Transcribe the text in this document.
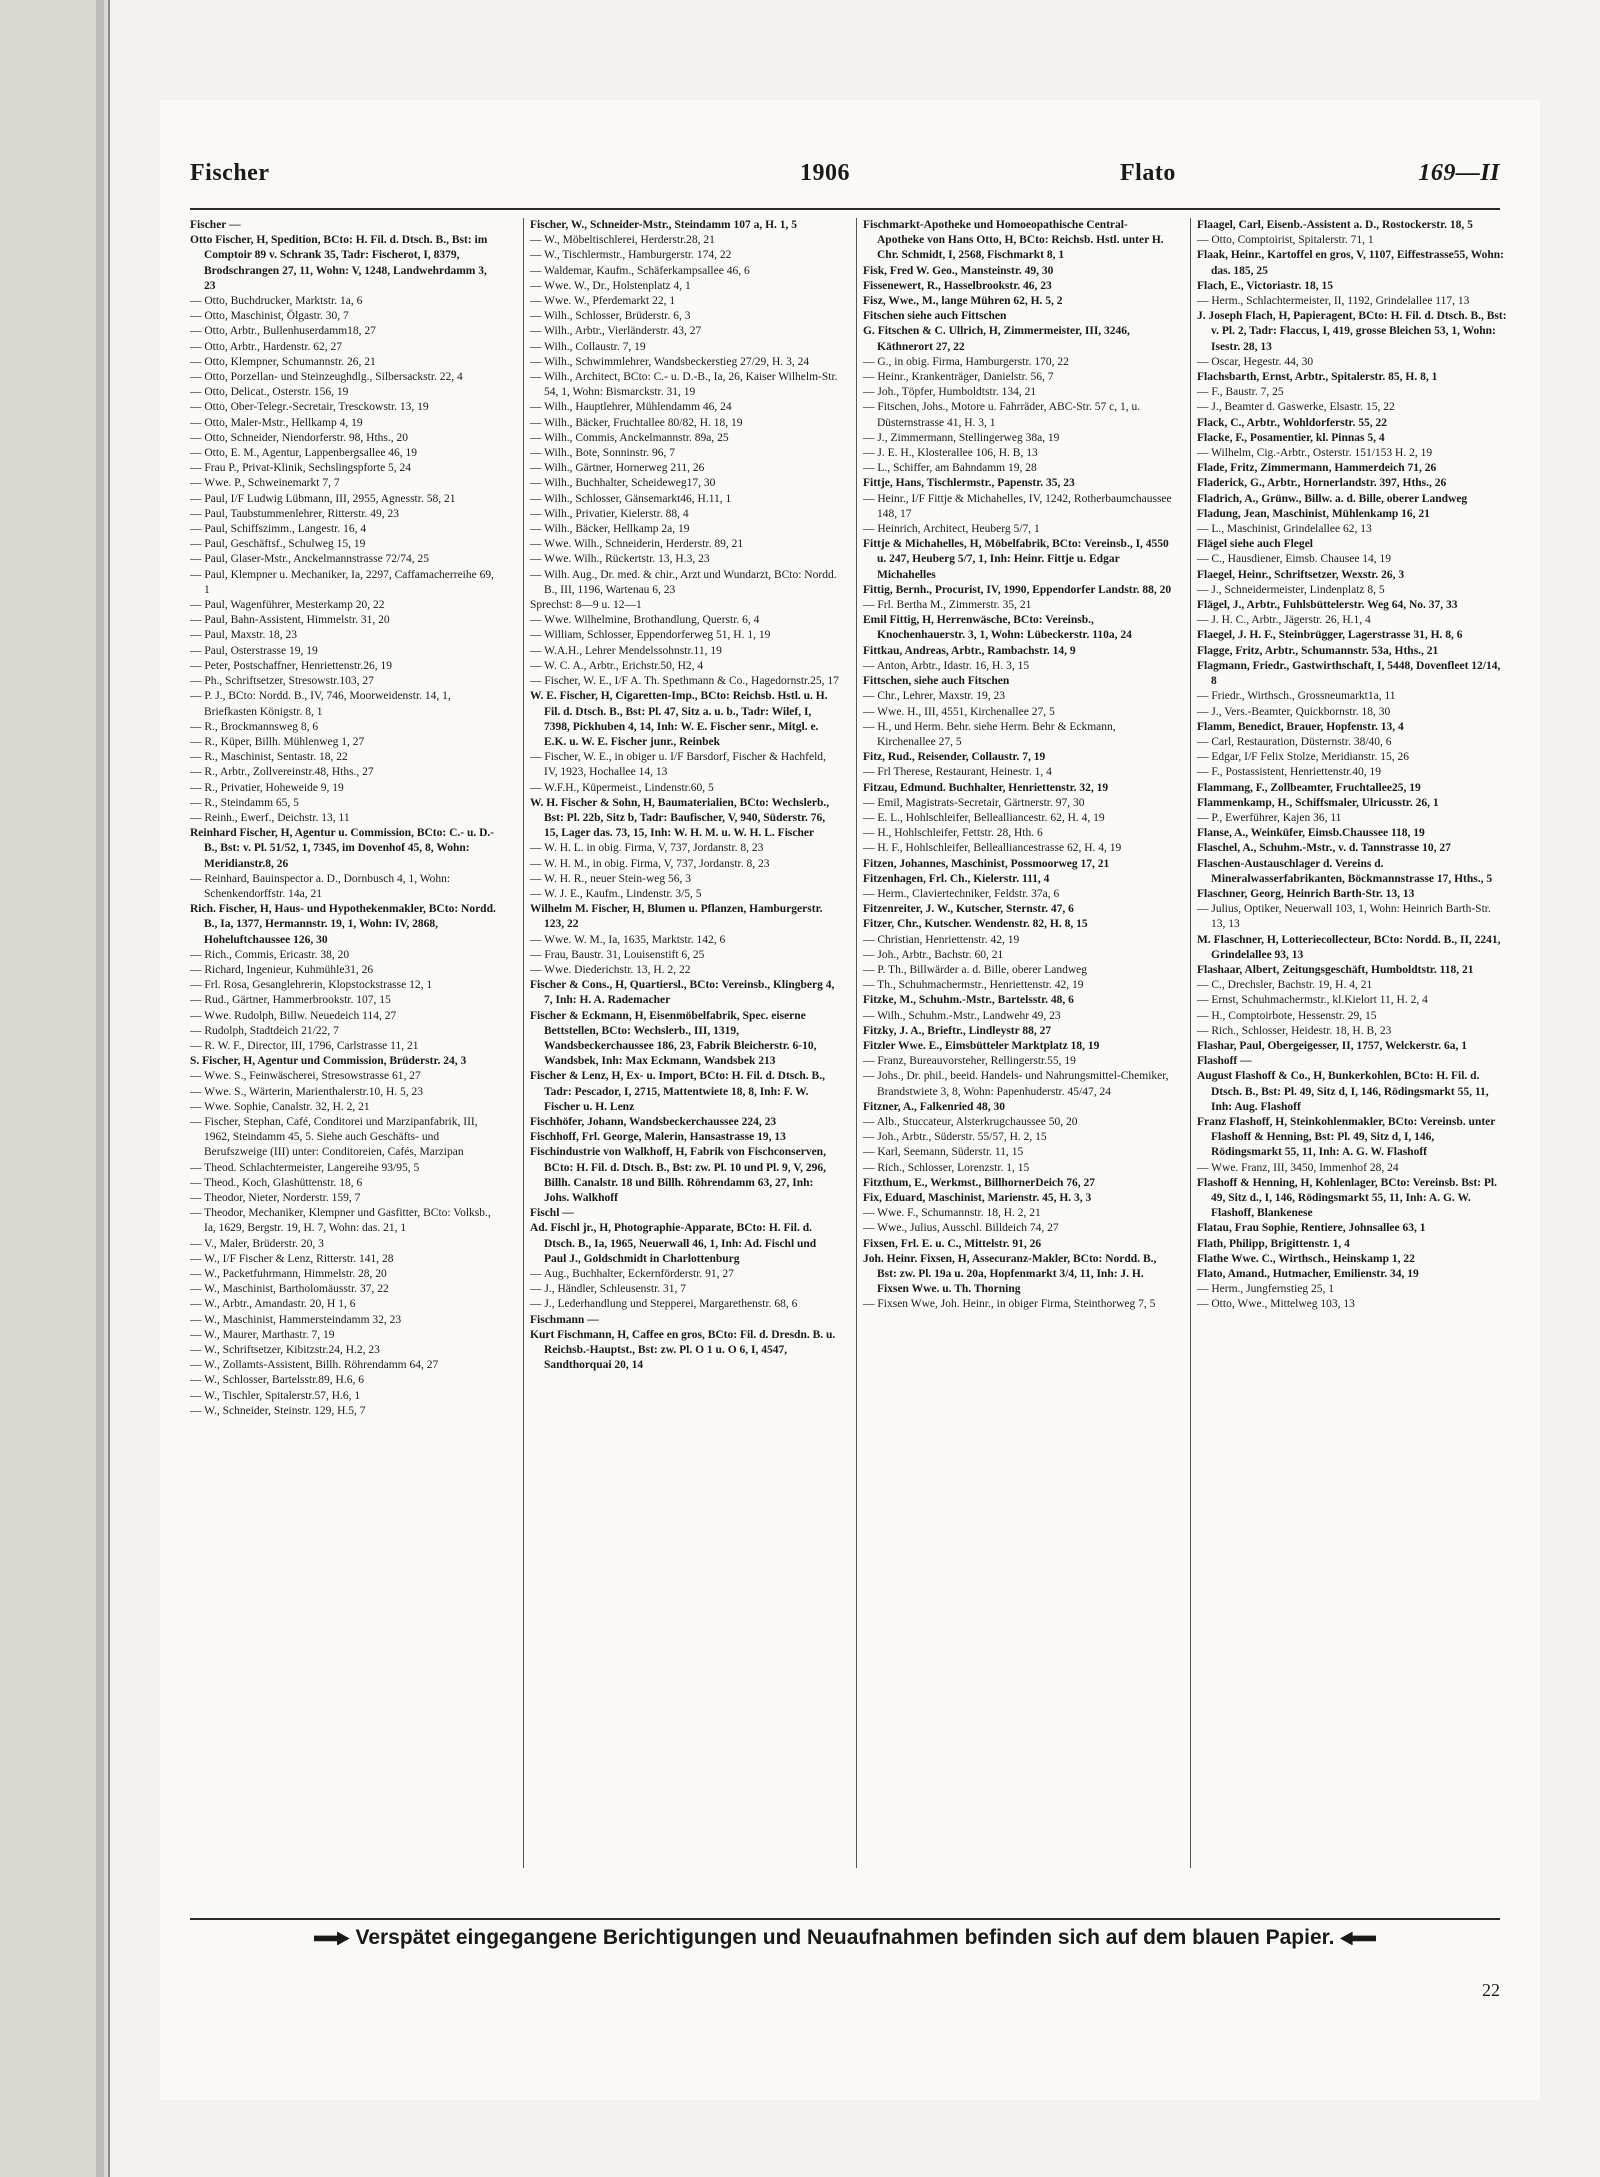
Fischer	1906	Flato	169—II

Fischer —

Otto Fischer, H, Spedition, BCto: H. Fil. d. Dtsch. B., Bst: im Comptoir 89 v. Schrank 35, Tadr: Fischerot, I, 8379, Brodschrangen 27, 11, Wohn: V, 1248, Landwehrdamm 3, 23

— Otto, Buchdrucker, Marktstr. 1a, 6

— Otto, Maschinist, Ölgastr. 30, 7

— Otto, Arbtr., Bullenhuserdamm18, 27

— Otto, Arbtr., Hardenstr. 62, 27

— Otto, Klempner, Schumannstr. 26, 21

— Otto, Porzellan- und Steinzeughdlg., Silbersackstr. 22, 4

— Otto, Delicat., Osterstr. 156, 19

— Otto, Ober-Telegr.-Secretair, Tresckowstr. 13, 19

— Otto, Maler-Mstr., Hellkamp 4, 19

— Otto, Schneider, Niendorferstr. 98, Hths., 20

— Otto, E. M., Agentur, Lappenbergsallee 46, 19

— Frau P., Privat-Klinik, Sechslingspforte 5, 24

— Wwe. P., Schweinemarkt 7, 7

— Paul, I/F Ludwig Lübmann, III, 2955, Agnesstr. 58, 21

— Paul, Taubstummenlehrer, Ritterstr. 49, 23

— Paul, Schiffszimm., Langestr. 16, 4

— Paul, Geschäftsf., Schulweg 15, 19

— Paul, Glaser-Mstr., Anckelmannstrasse 72/74, 25

— Paul, Klempner u. Mechaniker, Ia, 2297, Caffamacherreihe 69, 1

— Paul, Wagenführer, Mesterkamp 20, 22

— Paul, Bahn-Assistent, Himmelstr. 31, 20

— Paul, Maxstr. 18, 23

— Paul, Osterstrasse 19, 19

— Peter, Postschaffner, Henriettenstr.26, 19

— Ph., Schriftsetzer, Stresowstr.103, 27

— P. J., BCto: Nordd. B., IV, 746, Moorweidenstr. 14, 1, Briefkasten Königstr. 8, 1

— R., Brockmannsweg 8, 6

— R., Küper, Billh. Mühlenweg 1, 27

— R., Maschinist, Sentastr. 18, 22

— R., Arbtr., Zollvereinstr.48, Hths., 27

— R., Privatier, Hoheweide 9, 19

— R., Steindamm 65, 5

— Reinh., Ewerf., Deichstr. 13, 11

Reinhard Fischer, H, Agentur u. Commission, BCto: C.- u. D.-B., Bst: v. Pl. 51/52, 1, 7345, im Dovenhof 45, 8, Wohn: Meridianstr.8, 26

— Reinhard, Bauinspector a. D., Dornbusch 4, 1, Wohn: Schenkendorffstr. 14a, 21

Rich. Fischer, H, Haus- und Hypothekenmakler, BCto: Nordd. B., Ia, 1377, Hermannstr. 19, 1, Wohn: IV, 2868, Hoheluftchaussee 126, 30

— Rich., Commis, Ericastr. 38, 20

— Richard, Ingenieur, Kuhmühle31, 26

— Frl. Rosa, Gesanglehrerin, Klopstockstrasse 12, 1

— Rud., Gärtner, Hammerbrookstr. 107, 15

— Wwe. Rudolph, Billw. Neuedeich 114, 27

— Rudolph, Stadtdeich 21/22, 7

— R. W. F., Director, III, 1796, Carlstrasse 11, 21

S. Fischer, H, Agentur und Commission, Brüderstr. 24, 3

— Wwe. S., Feinwäscherei, Stresowstrasse 61, 27

— Wwe. S., Wärterin, Marienthalerstr.10, H. 5, 23

— Wwe. Sophie, Canalstr. 32, H. 2, 21

— Fischer, Stephan, Café, Conditorei und Marzipanfabrik, III, 1962, Steindamm 45, 5. Siehe auch Geschäfts- und Berufszweige (III) unter: Conditoreien, Cafés, Marzipan

— Theod. Schlachtermeister, Langereihe 93/95, 5

— Theod., Koch, Glashüttenstr. 18, 6

— Theodor, Nieter, Norderstr. 159, 7

— Theodor, Mechaniker, Klempner und Gasfitter, BCto: Volksb., Ia, 1629, Bergstr. 19, H. 7, Wohn: das. 21, 1

— V., Maler, Brüderstr. 20, 3

— W., I/F Fischer & Lenz, Ritterstr. 141, 28

— W., Packetfuhrmann, Himmelstr. 28, 20

— W., Maschinist, Bartholomäusstr. 37, 22

— W., Arbtr., Amandastr. 20, H 1, 6

— W., Maschinist, Hammersteindamm 32, 23

— W., Maurer, Marthastr. 7, 19

— W., Schriftsetzer, Kibitzstr.24, H.2, 23

— W., Zollamts-Assistent, Billh. Röhrendamm 64, 27

— W., Schlosser, Bartelsstr.89, H.6, 6

— W., Tischler, Spitalerstr.57, H.6, 1

— W., Schneider, Steinstr. 129, H.5, 7

Fischer, W., Schneider-Mstr., Steindamm 107 a, H. 1, 5

— W., Möbeltischlerei, Herderstr.28, 21

— W., Tischlermstr., Hamburgerstr. 174, 22

— Waldemar, Kaufm., Schäferkampsallee 46, 6

— Wwe. W., Dr., Holstenplatz 4, 1

— Wwe. W., Pferdemarkt 22, 1

— Wilh., Schlosser, Brüderstr. 6, 3

— Wilh., Arbtr., Vierländerstr. 43, 27

— Wilh., Collaustr. 7, 19

— Wilh., Schwimmlehrer, Wandsbeckerstieg 27/29, H. 3, 24

— Wilh., Architect, BCto: C.- u. D.-B., Ia, 26, Kaiser Wilhelm-Str. 54, 1, Wohn: Bismarckstr. 31, 19

— Wilh., Hauptlehrer, Mühlendamm 46, 24

— Wilh., Bäcker, Fruchtallee 80/82, H. 18, 19

— Wilh., Commis, Anckelmannstr. 89a, 25

— Wilh., Bote, Sonninstr. 96, 7

— Wilh., Gärtner, Hornerweg 211, 26

— Wilh., Buchhalter, Scheideweg17, 30

— Wilh., Schlosser, Gänsemarkt46, H.11, 1

— Wilh., Privatier, Kielerstr. 88, 4

— Wilh., Bäcker, Hellkamp 2a, 19

— Wwe. Wilh., Schneiderin, Herderstr. 89, 21

— Wwe. Wilh., Rückertstr. 13, H.3, 23

— Wilh. Aug., Dr. med. & chir., Arzt und Wundarzt, BCto: Nordd. B., III, 1196, Wartenau 6, 23

Sprechst: 8—9 u. 12—1

— Wwe. Wilhelmine, Brothandlung, Querstr. 6, 4

— William, Schlosser, Eppendorferweg 51, H. 1, 19

— W.A.H., Lehrer Mendelssohnstr.11, 19

— W. C. A., Arbtr., Erichstr.50, H2, 4

— Fischer, W. E., I/F A. Th. Spethmann & Co., Hagedornstr.25, 17

W. E. Fischer, H, Cigaretten-Imp., BCto: Reichsb. Hstl. u. H. Fil. d. Dtsch. B., Bst: Pl. 47, Sitz a. u. b., Tadr: Wilef, I, 7398, Pickhuben 4, 14, Inh: W. E. Fischer senr., Mitgl. e. E.K. u. W. E. Fischer junr., Reinbek

— Fischer, W. E., in obiger u. I/F Barsdorf, Fischer & Hachfeld, IV, 1923, Hochallee 14, 13

— W.F.H., Küpermeist., Lindenstr.60, 5

W. H. Fischer & Sohn, H, Baumaterialien, BCto: Wechslerb., Bst: Pl. 22b, Sitz b, Tadr: Baufischer, V, 940, Süderstr. 76, 15, Lager das. 73, 15, Inh: W. H. M. u. W. H. L. Fischer

— W. H. L. in obig. Firma, V, 737, Jordanstr. 8, 23

— W. H. M., in obig. Firma, V, 737, Jordanstr. 8, 23

— W. H. R., neuer Stein-weg 56, 3

— W. J. E., Kaufm., Lindenstr. 3/5, 5

Wilhelm M. Fischer, H, Blumen u. Pflanzen, Hamburgerstr. 123, 22

— Wwe. W. M., Ia, 1635, Marktstr. 142, 6

— Frau, Baustr. 31, Louisenstift 6, 25

— Wwe. Diederichstr. 13, H. 2, 22

Fischer & Cons., H, Quartiersl., BCto: Vereinsb., Klingberg 4, 7, Inh: H. A. Rademacher

Fischer & Eckmann, H, Eisenmöbelfabrik, Spec. eiserne Bettstellen, BCto: Wechslerb., III, 1319, Wandsbeckerchaussee 186, 23, Fabrik Bleicherstr. 6-10, Wandsbek, Inh: Max Eckmann, Wandsbek 213

Fischer & Lenz, H, Ex- u. Import, BCto: H. Fil. d. Dtsch. B., Tadr: Pescador, I, 2715, Mattentwiete 18, 8, Inh: F. W. Fischer u. H. Lenz

Fischhöfer, Johann, Wandsbeckerchaussee 224, 23

Fischhoff, Frl. George, Malerin, Hansastrasse 19, 13

Fischindustrie von Walkhoff, H, Fabrik von Fischconserven, BCto: H. Fil. d. Dtsch. B., Bst: zw. Pl. 10 und Pl. 9, V, 296, Billh. Canalstr. 18 und Billh. Röhrendamm 63, 27, Inh: Johs. Walkhoff

Fischl —

Ad. Fischl jr., H, Photographie-Apparate, BCto: H. Fil. d. Dtsch. B., Ia, 1965, Neuerwall 46, 1, Inh: Ad. Fischl und Paul J., Goldschmidt in Charlottenburg

— Aug., Buchhalter, Eckernförderstr. 91, 27

— J., Händler, Schleusenstr. 31, 7

— J., Lederhandlung und Stepperei, Margarethenstr. 68, 6

Fischmann —

Kurt Fischmann, H, Caffee en gros, BCto: Fil. d. Dresdn. B. u. Reichsb.-Hauptst., Bst: zw. Pl. O 1 u. O 6, I, 4547, Sandthorquai 20, 14

Fischmarkt-Apotheke und Homoeopathische Central-Apotheke von Hans Otto, H, BCto: Reichsb. Hstl. unter H. Chr. Schmidt, I, 2568, Fischmarkt 8, 1

Fisk, Fred W. Geo., Mansteinstr. 49, 30

Fissenewert, R., Hasselbrookstr. 46, 23

Fisz, Wwe., M., lange Mühren 62, H. 5, 2

Fitschen siehe auch Fittschen

G. Fitschen & C. Ullrich, H, Zimmermeister, III, 3246, Käthnerort 27, 22

— G., in obig. Firma, Hamburgerstr. 170, 22

— Heinr., Krankenträger, Danielstr. 56, 7

— Joh., Töpfer, Humboldtstr. 134, 21

— Fitschen, Johs., Motore u. Fahrräder, ABC-Str. 57 c, 1, u. Düsternstrasse 41, H. 3, 1

— J., Zimmermann, Stellingerweg 38a, 19

— J. E. H., Klosterallee 106, H. B, 13

— L., Schiffer, am Bahndamm 19, 28

Fittje, Hans, Tischlermstr., Papenstr. 35, 23

— Heinr., I/F Fittje & Michahelles, IV, 1242, Rotherbaumchaussee 148, 17

— Heinrich, Architect, Heuberg 5/7, 1

Fittje & Michahelles, H, Möbelfabrik, BCto: Vereinsb., I, 4550 u. 247, Heuberg 5/7, 1, Inh: Heinr. Fittje u. Edgar Michahelles

Fittig, Bernh., Procurist, IV, 1990, Eppendorfer Landstr. 88, 20

— Frl. Bertha M., Zimmerstr. 35, 21

Emil Fittig, H, Herrenwäsche, BCto: Vereinsb., Knochenhauerstr. 3, 1, Wohn: Lübeckerstr. 110a, 24

Fittkau, Andreas, Arbtr., Rambachstr. 14, 9

— Anton, Arbtr., Idastr. 16, H. 3, 15

Fittschen, siehe auch Fitschen

— Chr., Lehrer, Maxstr. 19, 23

— Wwe. H., III, 4551, Kirchenallee 27, 5

— H., und Herm. Behr. siehe Herm. Behr & Eckmann, Kirchenallee 27, 5

Fitz, Rud., Reisender, Collaustr. 7, 19

— Frl Therese, Restaurant, Heinestr. 1, 4

Fitzau, Edmund. Buchhalter, Henriettenstr. 32, 19

— Emil, Magistrats-Secretair, Gärtnerstr. 97, 30

— E. L., Hohlschleifer, Bellealliancestr. 62, H. 4, 19

— H., Hohlschleifer, Fettstr. 28, Hth. 6

— H. F., Hohlschleifer, Bellealliancestrasse 62, H. 4, 19

Fitzen, Johannes, Maschinist, Possmoorweg 17, 21

Fitzenhagen, Frl. Ch., Kielerstr. 111, 4

— Herm., Claviertechniker, Feldstr. 37a, 6

Fitzenreiter, J. W., Kutscher, Sternstr. 47, 6

Fitzer, Chr., Kutscher. Wendenstr. 82, H. 8, 15

— Christian, Henriettenstr. 42, 19

— Joh., Arbtr., Bachstr. 60, 21

— P. Th., Billwärder a. d. Bille, oberer Landweg

— Th., Schuhmachermstr., Henriettenstr. 42, 19

Fitzke, M., Schuhm.-Mstr., Bartelsstr. 48, 6

— Wilh., Schuhm.-Mstr., Landwehr 49, 23

Fitzky, J. A., Brieftr., Lindleystr 88, 27

Fitzler Wwe. E., Eimsbütteler Marktplatz 18, 19

— Franz, Bureauvorsteher, Rellingerstr.55, 19

— Johs., Dr. phil., beeid. Handels- und Nahrungsmittel-Chemiker, Brandstwiete 3, 8, Wohn: Papenhuderstr. 45/47, 24

Fitzner, A., Falkenried 48, 30

— Alb., Stuccateur, Alsterkrugchaussee 50, 20

— Joh., Arbtr., Süderstr. 55/57, H. 2, 15

— Karl, Seemann, Süderstr. 11, 15

— Rich., Schlosser, Lorenzstr. 1, 15

Fitzthum, E., Werkmst., BillhornerDeich 76, 27

Fix, Eduard, Maschinist, Marienstr. 45, H. 3, 3

— Wwe. F., Schumannstr. 18, H. 2, 21

— Wwe., Julius, Ausschl. Billdeich 74, 27

Fixsen, Frl. E. u. C., Mittelstr. 91, 26

Joh. Heinr. Fixsen, H, Assecuranz-Makler, BCto: Nordd. B., Bst: zw. Pl. 19a u. 20a, Hopfenmarkt 3/4, 11, Inh: J. H. Fixsen Wwe. u. Th. Thorning

— Fixsen Wwe, Joh. Heinr., in obiger Firma, Steinthorweg 7, 5

Flaagel, Carl, Eisenb.-Assistent a. D., Rostockerstr. 18, 5

— Otto, Comptoirist, Spitalerstr. 71, 1

Flaak, Heinr., Kartoffel en gros, V, 1107, Eiffestrasse55, Wohn: das. 185, 25

Flach, E., Victoriastr. 18, 15

— Herm., Schlachtermeister, II, 1192, Grindelallee 117, 13

J. Joseph Flach, H, Papieragent, BCto: H. Fil. d. Dtsch. B., Bst: v. Pl. 2, Tadr: Flaccus, I, 419, grosse Bleichen 53, 1, Wohn: Isestr. 28, 13

— Oscar, Hegestr. 44, 30

Flachsbarth, Ernst, Arbtr., Spitalerstr. 85, H. 8, 1

— F., Baustr. 7, 25

— J., Beamter d. Gaswerke, Elsastr. 15, 22

Flack, C., Arbtr., Wohldorferstr. 55, 22

Flacke, F., Posamentier, kl. Pinnas 5, 4

— Wilhelm, Cig.-Arbtr., Osterstr. 151/153 H. 2, 19

Flade, Fritz, Zimmermann, Hammerdeich 71, 26

Fladerick, G., Arbtr., Hornerlandstr. 397, Hths., 26

Fladrich, A., Grünw., Billw. a. d. Bille, oberer Landweg

Fladung, Jean, Maschinist, Mühlenkamp 16, 21

— L., Maschinist, Grindelallee 62, 13

Flägel siehe auch Flegel

— C., Hausdiener, Eimsb. Chausee 14, 19

Flaegel, Heinr., Schriftsetzer, Wexstr. 26, 3

— J., Schneidermeister, Lindenplatz 8, 5

Flägel, J., Arbtr., Fuhlsbüttelerstr. Weg 64, No. 37, 33

— J. H. C., Arbtr., Jägerstr. 26, H.1, 4

Flaegel, J. H. F., Steinbrügger, Lagerstrasse 31, H. 8, 6

Flagge, Fritz, Arbtr., Schumannstr. 53a, Hths., 21

Flagmann, Friedr., Gastwirthschaft, I, 5448, Dovenfleet 12/14, 8

— Friedr., Wirthsch., Grossneumarkt1a, 11

— J., Vers.-Beamter, Quickbornstr. 18, 30

Flamm, Benedict, Brauer, Hopfenstr. 13, 4

— Carl, Restauration, Düsternstr. 38/40, 6

— Edgar, I/F Felix Stolze, Meridianstr. 15, 26

— F., Postassistent, Henriettenstr.40, 19

Flammang, F., Zollbeamter, Fruchtallee25, 19

Flammenkamp, H., Schiffsmaler, Ulricusstr. 26, 1

— P., Ewerführer, Kajen 36, 11

Flanse, A., Weinküfer, Eimsb.Chaussee 118, 19

Flaschel, A., Schuhm.-Mstr., v. d. Tannstrasse 10, 27

Flaschen-Austauschlager d. Vereins d. Mineralwasserfabrikanten, Böckmannstrasse 17, Hths., 5

Flaschner, Georg, Heinrich Barth-Str. 13, 13

— Julius, Optiker, Neuerwall 103, 1, Wohn: Heinrich Barth-Str. 13, 13

M. Flaschner, H, Lotteriecollecteur, BCto: Nordd. B., II, 2241, Grindelallee 93, 13

Flashaar, Albert, Zeitungsgeschäft, Humboldtstr. 118, 21

— C., Drechsler, Bachstr. 19, H. 4, 21

— Ernst, Schuhmachermstr., kl.Kielort 11, H. 2, 4

— H., Comptoirbote, Hessenstr. 29, 15

— Rich., Schlosser, Heidestr. 18, H. B, 23

Flashar, Paul, Obergeigesser, II, 1757, Welckerstr. 6a, 1

Flashoff —

August Flashoff & Co., H, Bunkerkohlen, BCto: H. Fil. d. Dtsch. B., Bst: Pl. 49, Sitz d, I, 146, Rödingsmarkt 55, 11, Inh: Aug. Flashoff

Franz Flashoff, H, Steinkohlenmakler, BCto: Vereinsb. unter Flashoff & Henning, Bst: Pl. 49, Sitz d, I, 146, Rödingsmarkt 55, 11, Inh: A. G. W. Flashoff

— Wwe. Franz, III, 3450, Immenhof 28, 24

Flashoff & Henning, H, Kohlenlager, BCto: Vereinsb. Bst: Pl. 49, Sitz d., I, 146, Rödingsmarkt 55, 11, Inh: A. G. W. Flashoff, Blankenese

Flatau, Frau Sophie, Rentiere, Johnsallee 63, 1

Flath, Philipp, Brigittenstr. 1, 4

Flathe Wwe. C., Wirthsch., Heinskamp 1, 22

Flato, Amand., Hutmacher, Emilienstr. 34, 19

— Herm., Jungfernstieg 25, 1

— Otto, Wwe., Mittelweg 103, 13

Verspätet eingegangene Berichtigungen und Neuaufnahmen befinden sich auf dem blauen Papier.
22
